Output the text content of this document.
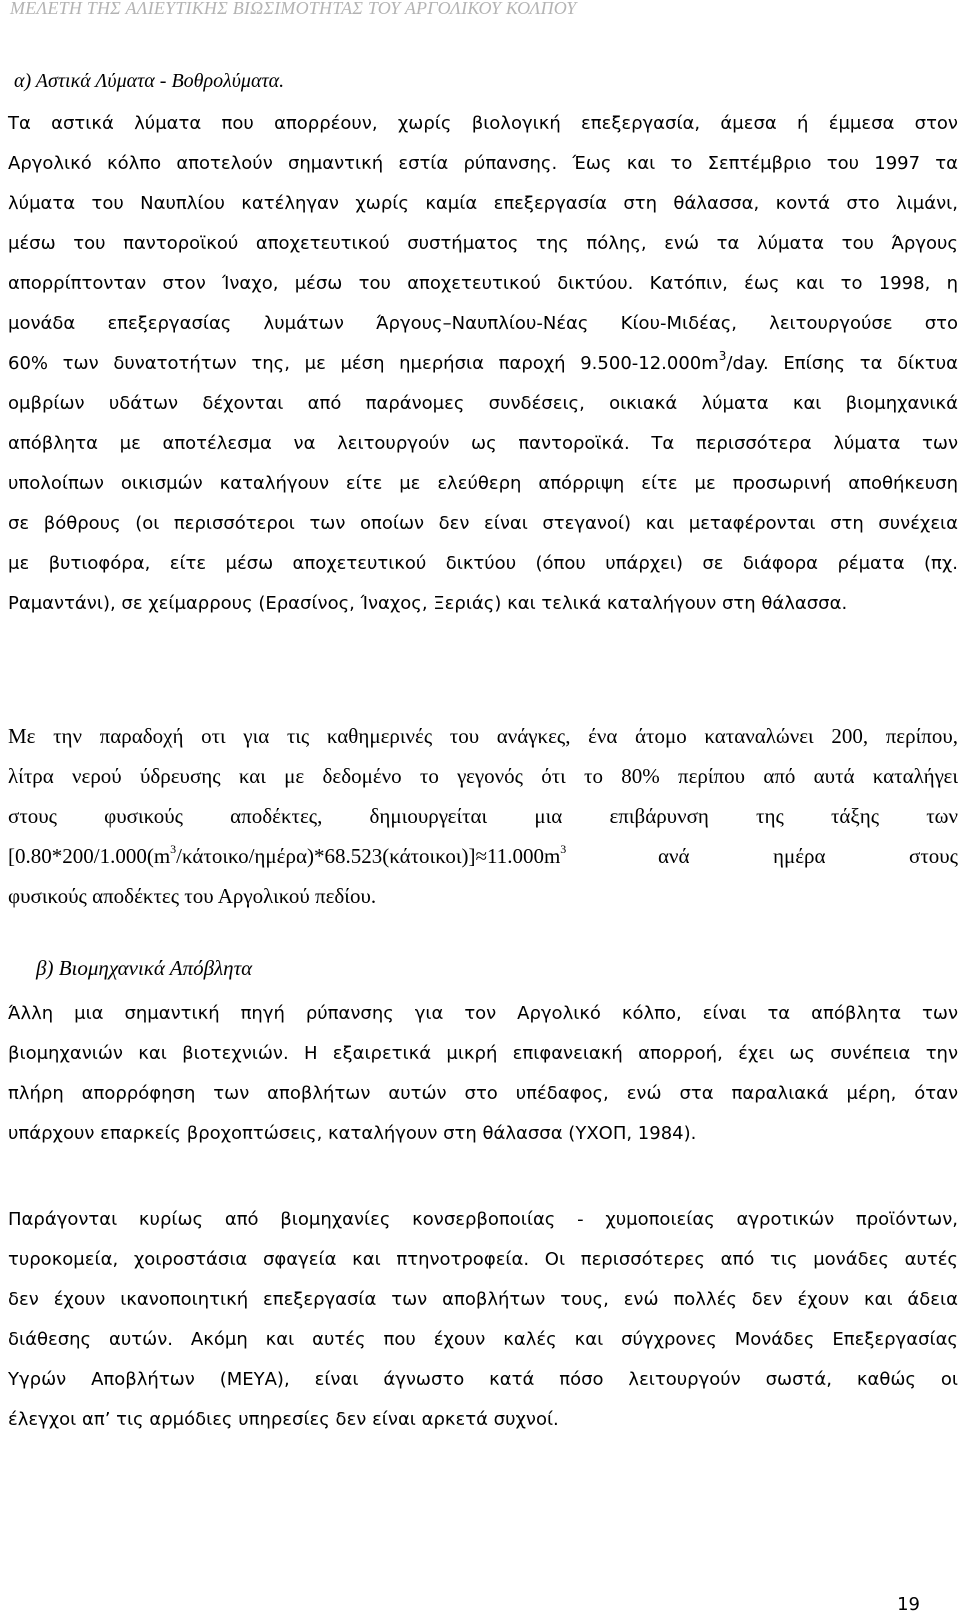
ΜΕΛΕΤΗ ΤΗΣ ΑΛΙΕΥΤΙΚΗΣ ΒΙΩΣΙΜΟΤΗΤΑΣ ΤΟΥ ΑΡΓΟΛΙΚΟΥ ΚΟΛΠΟΥ
α) Αστικά Λύματα - Βοθρολύματα.
Τα αστικά λύματα που απορρέουν, χωρίς βιολογική επεξεργασία, άμεσα ή έμμεσα στον
Αργολικό κόλπο αποτελούν σημαντική εστία ρύπανσης. Έως και το Σεπτέμβριο του 1997 τα
λύματα του Ναυπλίου κατέληγαν χωρίς καμία επεξεργασία στη θάλασσα, κοντά στο λιμάνι,
μέσω του παντοροϊκού αποχετευτικού συστήματος της πόλης, ενώ τα λύματα του Άργους
απορρίπτονταν στον Ίναχο, μέσω του αποχετευτικού δικτύου. Κατόπιν, έως και το 1998, η
μονάδα επεξεργασίας λυμάτων Άργους–Ναυπλίου-Νέας Κίου-Μιδέας, λειτουργούσε στο
60% των δυνατοτήτων της, με μέση ημερήσια παροχή $9.500-12.000m^3$/day. Επίσης τα δίκτυα
ομβρίων υδάτων δέχονται από παράνομες συνδέσεις, οικιακά λύματα και βιομηχανικά
απόβλητα με αποτέλεσμα να λειτουργούν ως παντοροϊκά. Τα περισσότερα λύματα των
υπολοίπων οικισμών καταλήγουν είτε με ελεύθερη απόρριψη είτε με προσωρινή αποθήκευση
σε βόθρους (οι περισσότεροι των οποίων δεν είναι στεγανοί) και μεταφέρονται στη συνέχεια
με βυτιοφόρα, είτε μέσω αποχετευτικού δικτύου (όπου υπάρχει) σε διάφορα ρέματα (πχ.
Ραμαντάνι), σε χείμαρρους (Ερασίνος, Ίναχος, Ξεριάς) και τελικά καταλήγουν στη θάλασσα.
Με την παραδοχή οτι για τις καθημερινές του ανάγκες, ένα άτομο καταναλώνει 200, περίπου,
λίτρα νερού ύδρευσης και με δεδομένο το γεγονός ότι το 80% περίπου από αυτά καταλήγει
στους φυσικούς αποδέκτες, δημιουργείται μια επιβάρυνση της τάξης των
$[0.80*200/1.000(m^3/\kappa ά\tau o\iota\kappa o/\eta\mu έ\rho\alpha)*68.523(\kappa ά\tau o\iota\kappa o\iota)]\approx 11.000m^3$	ανά	ημέρα	στους
φυσικούς αποδέκτες του Αργολικού πεδίου.
β) Βιομηχανικά Απόβλητα
Άλλη μια σημαντική πηγή ρύπανσης για τον Αργολικό κόλπο, είναι τα απόβλητα των
βιομηχανιών και βιοτεχνιών. Η εξαιρετικά μικρή επιφανειακή απορροή, έχει ως συνέπεια την
πλήρη απορρόφηση των αποβλήτων αυτών στο υπέδαφος, ενώ στα παραλιακά μέρη, όταν
υπάρχουν επαρκείς βροχοπτώσεις, καταλήγουν στη θάλασσα (ΥΧΟΠ, 1984).
Παράγονται κυρίως από βιομηχανίες κονσερβοποιίας - χυμοποιείας αγροτικών προϊόντων,
τυροκομεία, χοιροστάσια σφαγεία και πτηνοτροφεία. Οι περισσότερες από τις μονάδες αυτές
δεν έχουν ικανοποιητική επεξεργασία των αποβλήτων τους, ενώ πολλές δεν έχουν και άδεια
διάθεσης αυτών. Ακόμη και αυτές που έχουν καλές και σύγχρονες Μονάδες Επεξεργασίας
Υγρών Αποβλήτων (ΜΕΥΑ), είναι άγνωστο κατά πόσο λειτουργούν σωστά, καθώς οι
έλεγχοι απ’ τις αρμόδιες υπηρεσίες δεν είναι αρκετά συχνοί.
19
